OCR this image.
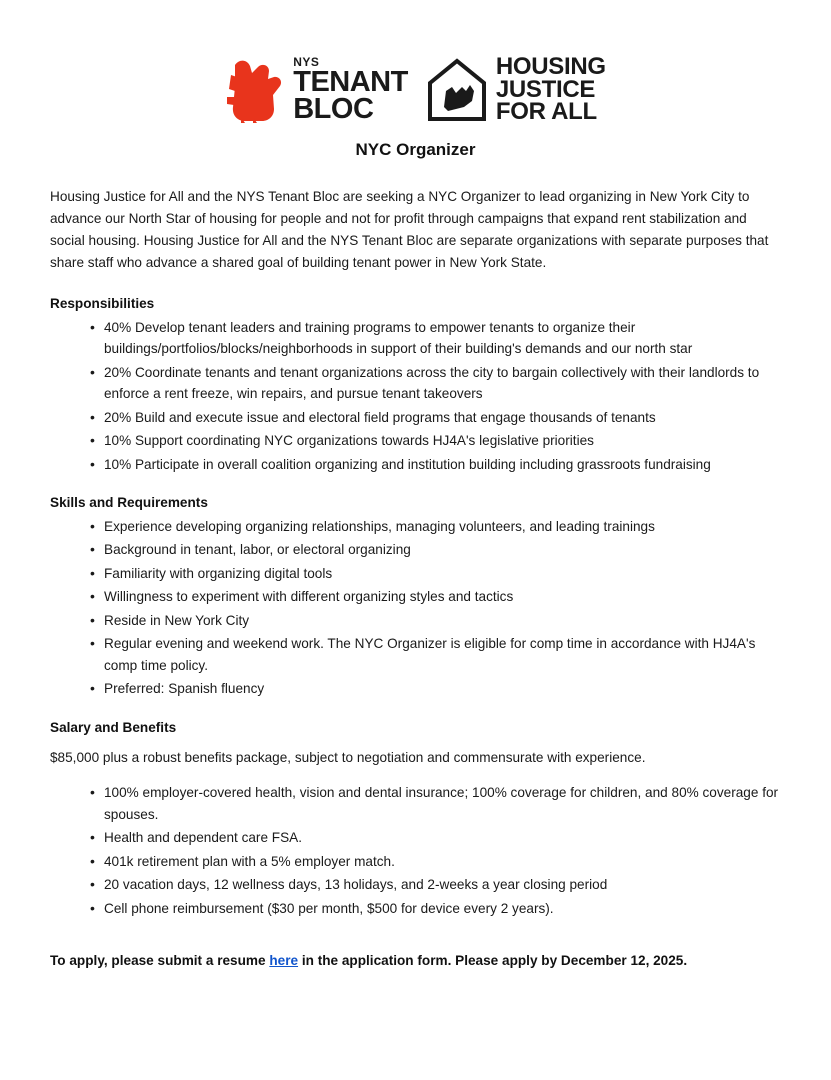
NYS
TENANT
BLOC
HOUSING
JUSTICE
FOR ALL
NYC Organizer

Housing Justice for All and the NYS Tenant Bloc are seeking a NYC Organizer to lead organizing in New York City to advance our North Star of housing for people and not for profit through campaigns that expand rent stabilization and social housing. Housing Justice for All and the NYS Tenant Bloc are separate organizations with separate purposes that share staff who advance a shared goal of building tenant power in New York State.

Responsibilities
• 40% Develop tenant leaders and training programs to empower tenants to organize their buildings/portfolios/blocks/neighborhoods in support of their building's demands and our north star
• 20% Coordinate tenants and tenant organizations across the city to bargain collectively with their landlords to enforce a rent freeze, win repairs, and pursue tenant takeovers
• 20% Build and execute issue and electoral field programs that engage thousands of tenants
• 10% Support coordinating NYC organizations towards HJ4A's legislative priorities
• 10% Participate in overall coalition organizing and institution building including grassroots fundraising
Skills and Requirements
• Experience developing organizing relationships, managing volunteers, and leading trainings
• Background in tenant, labor, or electoral organizing
• Familiarity with organizing digital tools
• Willingness to experiment with different organizing styles and tactics
• Reside in New York City
• Regular evening and weekend work. The NYC Organizer is eligible for comp time in accordance with HJ4A's comp time policy.
• Preferred: Spanish fluency
Salary and Benefits

$85,000 plus a robust benefits package, subject to negotiation and commensurate with experience.

• 100% employer-covered health, vision and dental insurance; 100% coverage for children, and 80% coverage for spouses.
• Health and dependent care FSA.
• 401k retirement plan with a 5% employer match.
• 20 vacation days, 12 wellness days, 13 holidays, and 2-weeks a year closing period
• Cell phone reimbursement ($30 per month, $500 for device every 2 years).

To apply, please submit a resume here in the application form. Please apply by December 12, 2025.
